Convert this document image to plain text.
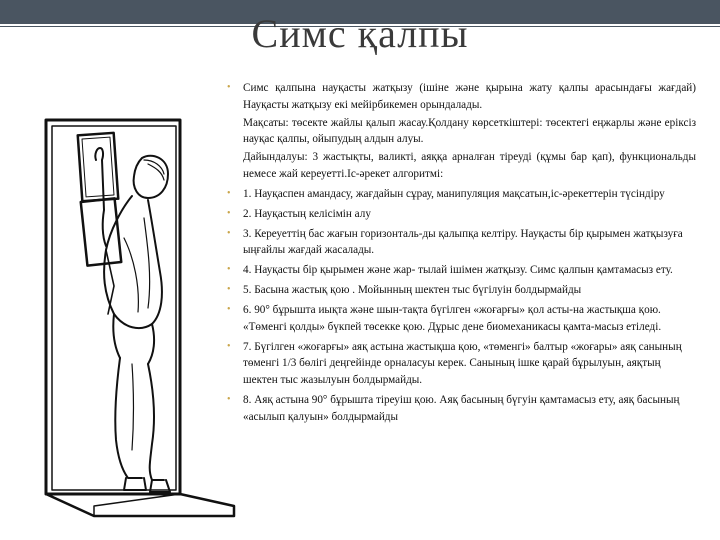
Симс қалпы
• Симс қалпына науқасты жатқызу (ішіне және қырына жату қалпы арасындағы жағдай) Науқасты жатқызу екі мейірбикемен орындалады.
Мақсаты: төсекте жайлы қалып жасау.Қолдану көрсеткіштері: төсектегі еңжарлы және еріксіз науқас қалпы, ойыпудың алдын алуы.
Дайындалуы: 3 жастықты, валикті, аяққа арналған тіреуді (құмы бар қап), функциональды немесе жай кереуетті.Іс-әрекет алгоритмі:
• 1. Науқаспен амандасу, жағдайын сұрау, манипуляция мақсатын,іс-әрекеттерін түсіндіру
• 2. Науқастың келісімін алу
• 3. Кереуеттің бас жағын горизонталь-ды қалыпқа келтіру. Науқасты бір қырымен жатқызуға ыңғайлы жағдай жасалады.
• 4. Науқасты бір қырымен және жар- тылай ішімен жатқызу. Симс қалпын қамтамасыз ету.
• 5. Басына жастық қою . Мойынның шектен тыс бүгілуін болдырмайды
• 6. 90° бұрышта иықта және шын-тақта бүгілген «жоғарғы» қол асты-на жастықша қою. «Төменгі қолды» бүкпей төсекке қою. Дұрыс дене биомеханикасы қамта-масыз етіледі.
• 7. Бүгілген «жоғарғы» аяқ астына жастықша қою, «төменгі» балтыр «жоғары» аяқ санының төменгі 1/3 бөлігі деңгейінде орналасуы керек. Санының ішке қарай бұрылуын, аяқтың шектен тыс жазылуын болдырмайды.
• 8. Аяқ астына 90° бұрышта тіреуіш қою. Аяқ басының бүгуін қамтамасыз ету, аяқ басының «асылып қалуын» болдырмайды
